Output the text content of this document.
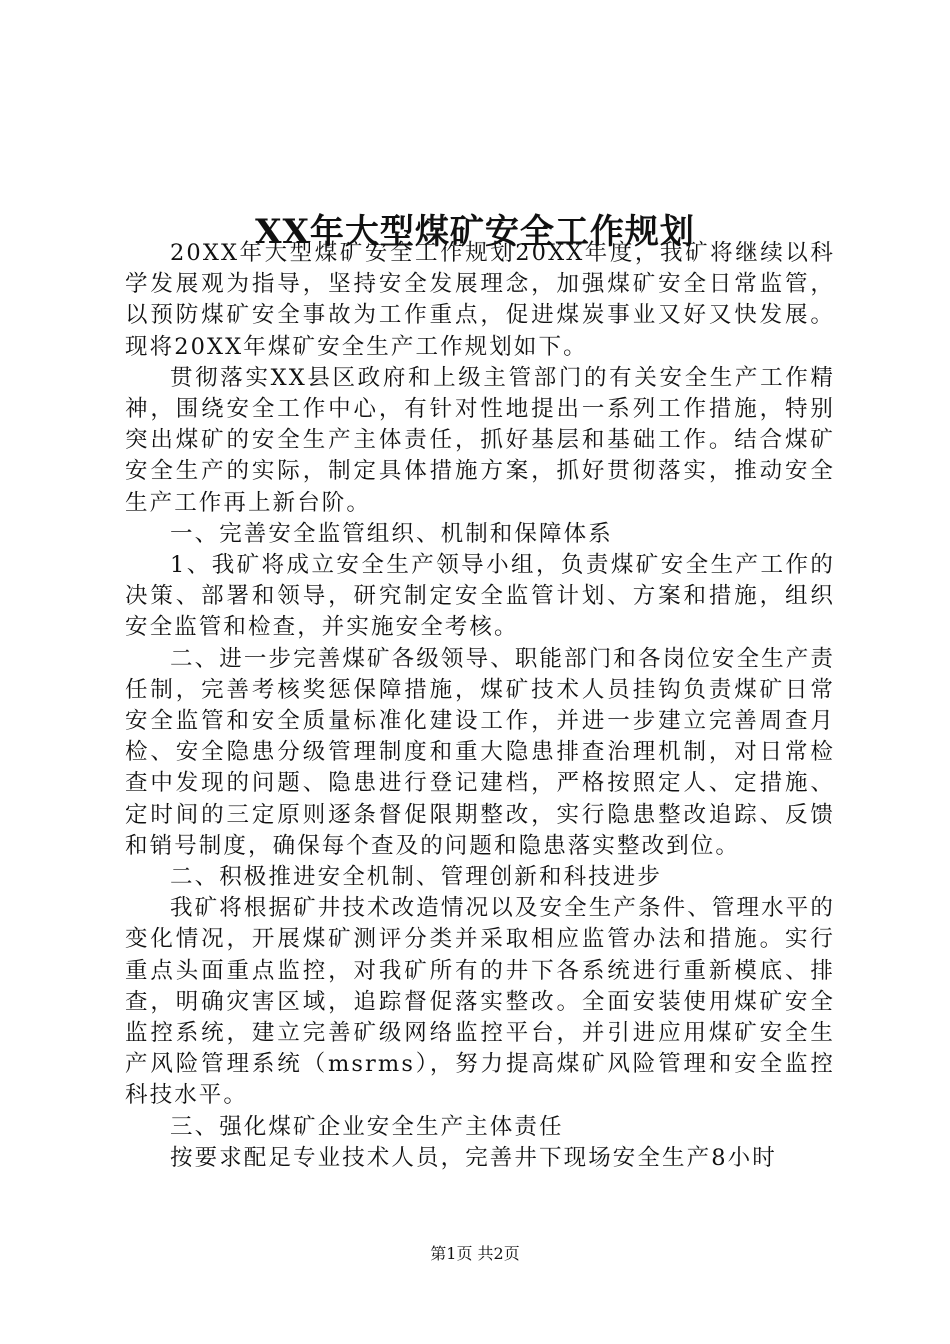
XX年大型煤矿安全工作规划

20XX年大型煤矿安全工作规划20XX年度，我矿将继续以科学发展观为指导，坚持安全发展理念，加强煤矿安全日常监管，以预防煤矿安全事故为工作重点，促进煤炭事业又好又快发展。现将20XX年煤矿安全生产工作规划如下。

贯彻落实XX县区政府和上级主管部门的有关安全生产工作精神，围绕安全工作中心，有针对性地提出一系列工作措施，特别突出煤矿的安全生产主体责任，抓好基层和基础工作。结合煤矿安全生产的实际，制定具体措施方案，抓好贯彻落实，推动安全生产工作再上新台阶。

一、完善安全监管组织、机制和保障体系

1、我矿将成立安全生产领导小组，负责煤矿安全生产工作的决策、部署和领导，研究制定安全监管计划、方案和措施，组织安全监管和检查，并实施安全考核。

二、进一步完善煤矿各级领导、职能部门和各岗位安全生产责任制，完善考核奖惩保障措施，煤矿技术人员挂钩负责煤矿日常安全监管和安全质量标准化建设工作，并进一步建立完善周查月检、安全隐患分级管理制度和重大隐患排查治理机制，对日常检查中发现的问题、隐患进行登记建档，严格按照定人、定措施、定时间的三定原则逐条督促限期整改，实行隐患整改追踪、反馈和销号制度，确保每个查及的问题和隐患落实整改到位。

二、积极推进安全机制、管理创新和科技进步

我矿将根据矿井技术改造情况以及安全生产条件、管理水平的变化情况，开展煤矿测评分类并采取相应监管办法和措施。实行重点头面重点监控，对我矿所有的井下各系统进行重新模底、排查，明确灾害区域，追踪督促落实整改。全面安装使用煤矿安全监控系统，建立完善矿级网络监控平台，并引进应用煤矿安全生产风险管理系统（msrms），努力提高煤矿风险管理和安全监控科技水平。

三、强化煤矿企业安全生产主体责任

按要求配足专业技术人员，完善井下现场安全生产8小时

第1页 共2页
